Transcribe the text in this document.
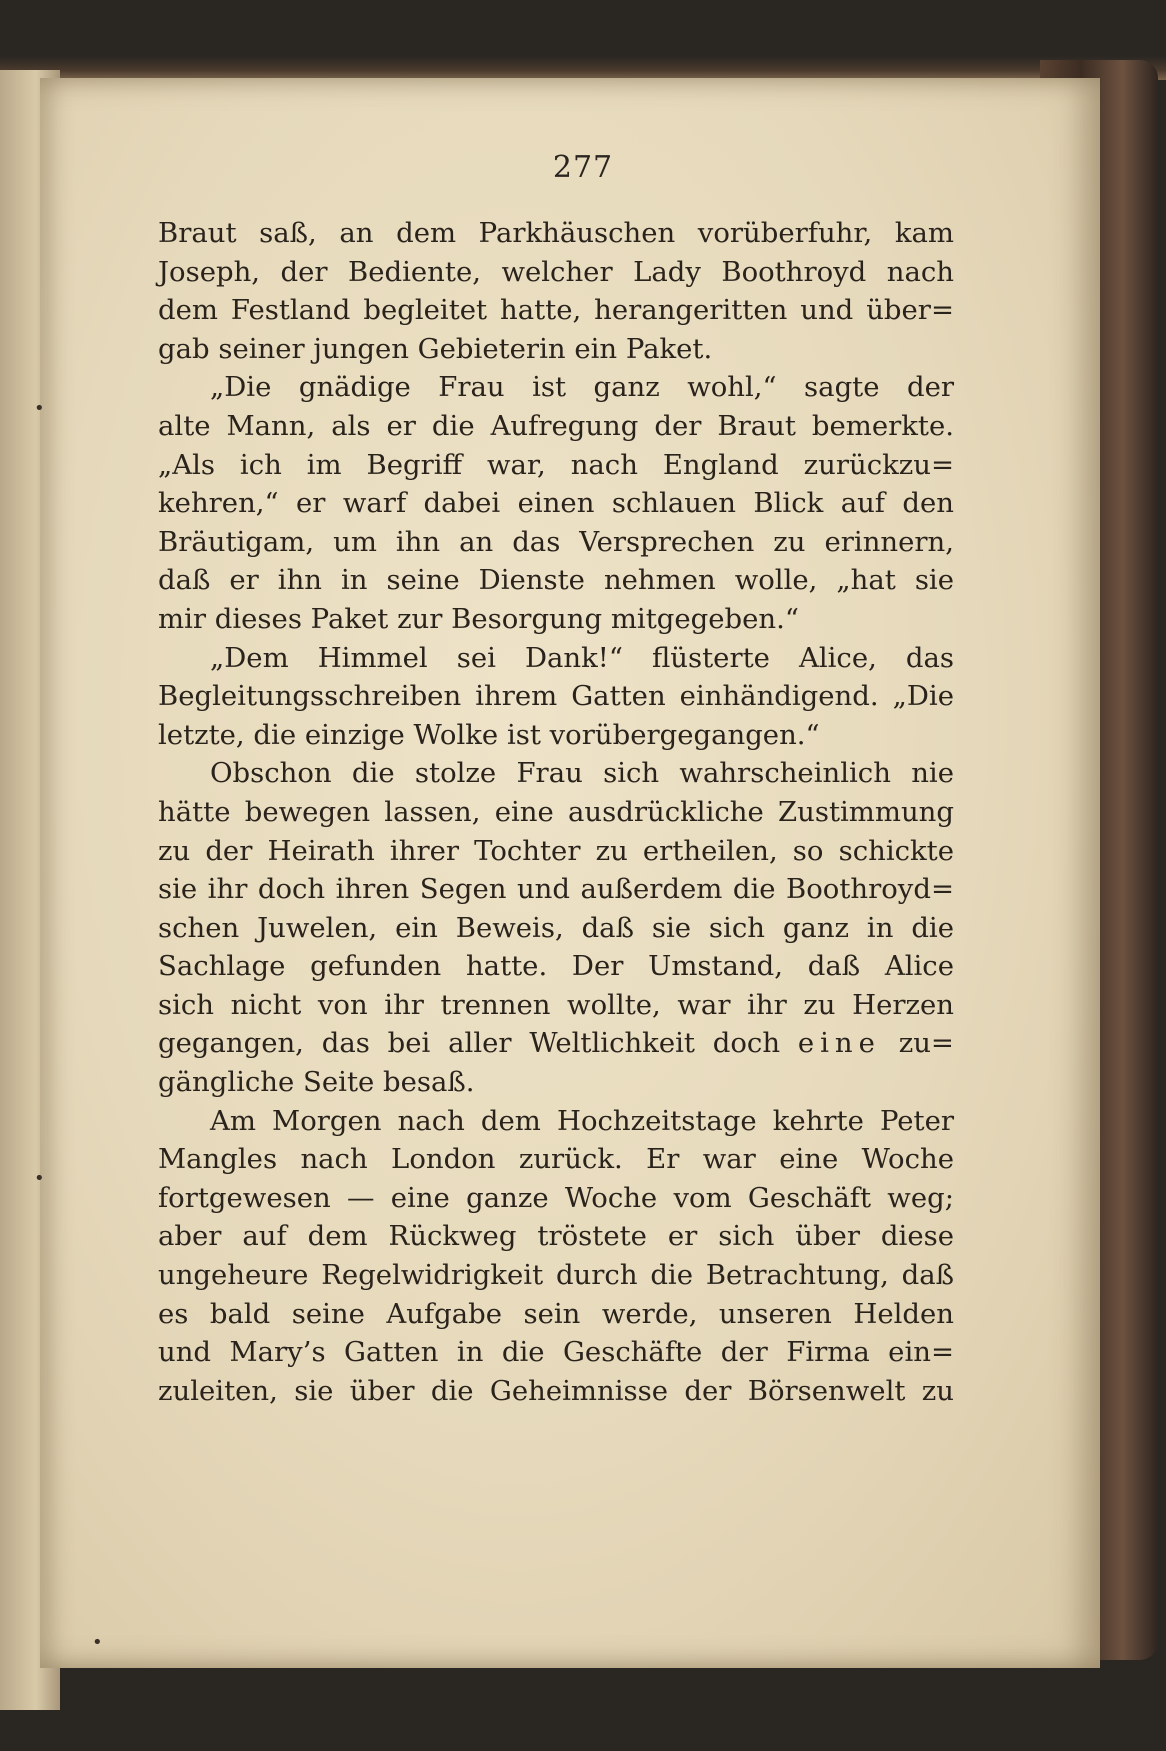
277
Braut saß, an dem Parkhäuschen vorüberfuhr, kam
Joseph, der Bediente, welcher Lady Boothroyd nach
dem Festland begleitet hatte, herangeritten und über=
gab seiner jungen Gebieterin ein Paket.
„Die gnädige Frau ist ganz wohl,“ sagte der
alte Mann, als er die Aufregung der Braut bemerkte.
„Als ich im Begriff war, nach England zurückzu=
kehren,“ er warf dabei einen schlauen Blick auf den
Bräutigam, um ihn an das Versprechen zu erinnern,
daß er ihn in seine Dienste nehmen wolle, „hat sie
mir dieses Paket zur Besorgung mitgegeben.“
„Dem Himmel sei Dank!“ flüsterte Alice, das
Begleitungsschreiben ihrem Gatten einhändigend. „Die
letzte, die einzige Wolke ist vorübergegangen.“
Obschon die stolze Frau sich wahrscheinlich nie
hätte bewegen lassen, eine ausdrückliche Zustimmung
zu der Heirath ihrer Tochter zu ertheilen, so schickte
sie ihr doch ihren Segen und außerdem die Boothroyd=
schen Juwelen, ein Beweis, daß sie sich ganz in die
Sachlage gefunden hatte. Der Umstand, daß Alice
sich nicht von ihr trennen wollte, war ihr zu Herzen
gegangen, das bei aller Weltlichkeit doch eine zu=
gängliche Seite besaß.
Am Morgen nach dem Hochzeitstage kehrte Peter
Mangles nach London zurück. Er war eine Woche
fortgewesen — eine ganze Woche vom Geschäft weg;
aber auf dem Rückweg tröstete er sich über diese
ungeheure Regelwidrigkeit durch die Betrachtung, daß
es bald seine Aufgabe sein werde, unseren Helden
und Mary’s Gatten in die Geschäfte der Firma ein=
zuleiten, sie über die Geheimnisse der Börsenwelt zu
•
•
•
